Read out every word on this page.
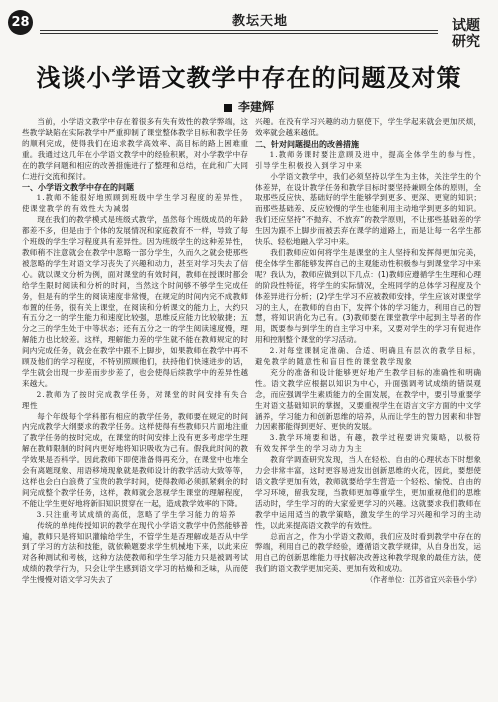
28	教坛天地	试题
研究
浅谈小学语文教学中存在的问题及对策
李建辉

当前，小学语文教学中存在着很多有失有效性的教学弊端，这些教学缺陷在实际教学中严重抑制了课堂整体教学目标和教学任务的顺利完成，使得我们在追求教学高效率、高目标的路上困难重重。我通过这几年在小学语文教学中的经验积累，对小学教学中存在的教学问题和相应的改善措施进行了整理和总结，在此和广大同仁进行交流和探讨。

一、小学语文教学中存在的问题

1.教师不能很好地照顾到班级中学生学习程度的差异性，使课堂教学的有效性大为减弱

现在我们的教学模式是班级式教学，虽然每个班级成员的年龄都差不多，但是由于个体的发展情况和家庭教育不一样，导致了每个班级的学生学习程度具有差异性。因为班级学生的这种差异性，教师稍不注意就会在教学中忽略一部分学生，久而久之就会使那些被忽略的学生对语文学习丧失了兴趣和动力，甚至对学习失去了信心。就以课文分析为例，面对课堂的有效时间，教师在授课时都会给学生限时阅读和分析的时间，当然这个时间够不够学生完成任务，但是有的学生的阅读速度非常慢，在规定的时间内完不成教师布置的任务，很有关上课堂，在阅读和分析课文的能力上，大约只有五分之一的学生能力和速度比较强，思维反应能力比较敏捷；五分之三的学生处于中等状态；还有五分之一的学生阅读速度慢，理解能力也比较差。这样，理解能力差的学生就不能在教师规定的时间内完成任务，就会在教学中跟不上脚步，如果教师在教学中再不顾及他们的学习程度，不特别照顾他们，扶持他们快速进步的话，学生就会出现一步差而步步差了，也会使得后续教学中的差异性越来越大。

2.教师为了按时完成教学任务，对课堂的时间安排有失合理性

每个年级每个学科都有相应的教学任务，教师要在规定的时间内完成教学大纲要求的教学任务。这样使得有些教师只片面地注重了教学任务的按时完成，在课堂的时间安排上没有更多考虑学生理解在教师限制的时间内更好地将知识吸收为己有。假我此时间的教学效果是否科学。因此教师下即使准备得再充分，在课堂中也堆全会有离题现象、用语移境现象就是教师设计的教学活动大致等等，这样也会白白浪费了宝贵的教学时间，使得教师必须抓紧剩余的时间完成整个教学任务，这样，教师就会忽视学生课堂的理解程度，不能让学生更好地将新旧知识贯穿在一起，造成教学效率的下降。

3.只注重考试成绩的高低，忽略了学生学习能力的培养

传统的单纯传授知识的教学在现代小学语文教学中仍然能够普遍，教师只是将知识灌输给学生，不管学生是否理解或是否从中学到了学习的方法和技能，就依赖题要求学生机械地下来，以此来应对各种测试和考核，这种方法使教师和学生学习能力只是被调考试成绩的教学行为，只会让学生感到语文学习的枯燥和乏味，从而使学生慢慢对语文学习失去了

兴趣。在没有学习兴趣的动力驱使下，学生学起来就会更加厌烦，效率就会越来越低。

二、针对问题提出的改善措施

1.教师务课时要注意顾及进中，提高全体学生的参与性，引导学生积极投入到学习中来

小学语文教学中，我们必须坚持以学生为主体，关注学生的个体差异，在设计教学任务和教学目标时要坚持兼顾全体的原则，全取那些反应快、基础好的学生能够学到更多、更深、更宽的知识；而那些基础差、反应较慢的学生也能利用主动地学到更多的知识。我们还应坚持“不抛弃、不放弃”的教学原则，不让那些基础差的学生因为跟不上脚步而被丢弃在课学的道路上，而是让每一名学生都快乐、轻松地融入学习中来。

我们教师应如何将学生是课堂的主人坚持和发挥得更加完美，使全体学生都能够发挥自己的主观能动性积极参与到课堂学习中来呢？我认为，教师应做到以下几点：(1)教师应遵循学生生理和心理的阶段性特征，将学生的实际情况，全班同学的总体学习程度及个体差异进行分析；(2)学生学习不应被教师安排，学生应该对课堂学习的主人，在教师的自由下，发挥个体的学习能力，利用自己的智慧，将知识消化为己有。(3)教师要在课堂教学中起到主导者的作用，既要参与到学生的自主学习中来，又要对学生的学习有促进作用和控制整个课堂的学习活动。

2.对每堂课制定准确、合适、明确且有层次的教学目标，避免教学的随意性和盲目性的课堂教学现象

充分的准备和设计能够更好地产生教学目标的准确性和明确性。语文教学应根据以知识为中心，升面强调考试成绩的错误观念，而应强调学生素质能力的全面发展，在教学中，要引导重要学生对语文基础知识的掌握，又要重视学生在语言文字方面的中文学涵养，学习能力和创新思维的培养，从而让学生的智力因素和非智力因素都能得到更好、更快的发展。

3.教学环境要和谐，有趣，教学过程要讲究策略，以极符有效发挥学生的学习动力为主

教育学调查研究发现，当人在轻松、自由的心理状态下时想象力会非常丰富，这时更容易迸发出创新思维的火花，因此，要想使语文教学更加有效，教师就要给学生营造一个轻松、愉悦、自由的学习环境，留我发现，当教师更加尊重学生，更加重视他们的思维活动时，学生学习的的大家爱更学习的兴趣。这就要求我们教师在教学中运用适当的教学策略，激发学生的学习兴趣和学习的主动性，以此来提高语文教学的有效性。

总而言之，作为小学语文教师，我们应及时看到教学中存在的弊端，利用自己的教学经验，遵循语文教学规律，从自身出发，运用自己的创新思维能力寻找解决改善这种教学现象的最佳方法，使我们的语文教学更加完美、更加有效和成功。

（作者单位：江苏省宜兴亲巷小学）
